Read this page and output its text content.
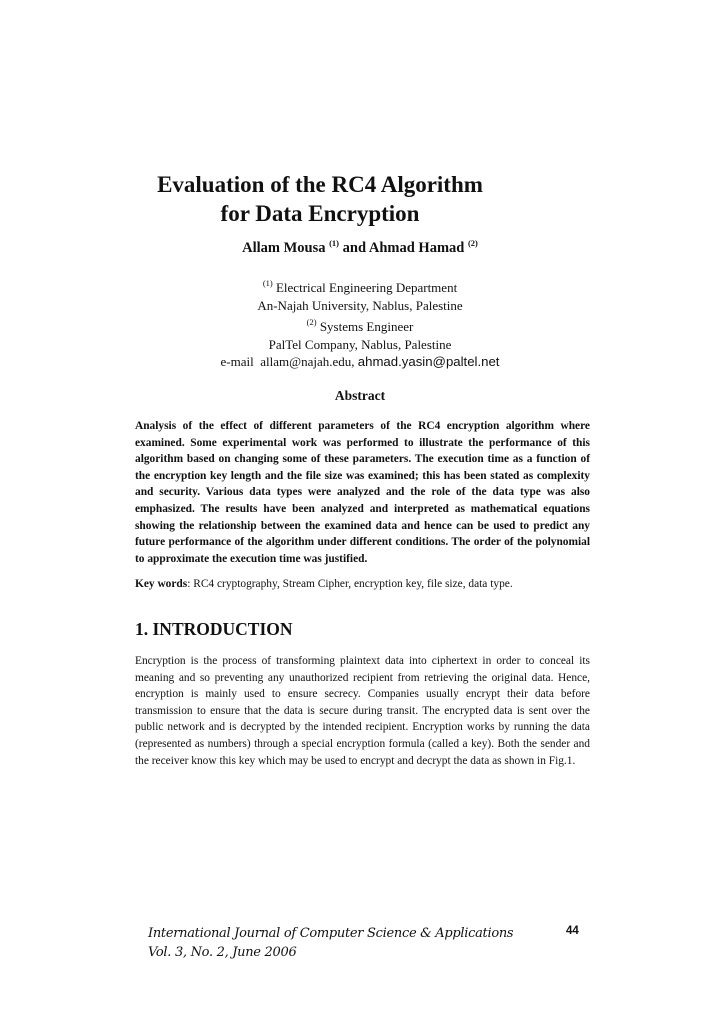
Evaluation of the RC4 Algorithm
for Data Encryption
Allam Mousa $^{(1)}$ and Ahmad Hamad $^{(2)}$
$^{(1)}$ Electrical Engineering Department
An-Najah University, Nablus, Palestine
$^{(2)}$ Systems Engineer
PalTel Company, Nablus, Palestine
e-mail allam@najah.edu, ahmad.yasin@paltel.net
Abstract
Analysis of the effect of different parameters of the RC4 encryption algorithm where examined. Some experimental work was performed to illustrate the performance of this algorithm based on changing some of these parameters. The execution time as a function of the encryption key length and the file size was examined; this has been stated as complexity and security. Various data types were analyzed and the role of the data type was also emphasized. The results have been analyzed and interpreted as mathematical equations showing the relationship between the examined data and hence can be used to predict any future performance of the algorithm under different conditions. The order of the polynomial to approximate the execution time was justified.
Key words: RC4 cryptography, Stream Cipher, encryption key, file size, data type.
1. INTRODUCTION
Encryption is the process of transforming plaintext data into ciphertext in order to conceal its meaning and so preventing any unauthorized recipient from retrieving the original data. Hence, encryption is mainly used to ensure secrecy. Companies usually encrypt their data before transmission to ensure that the data is secure during transit. The encrypted data is sent over the public network and is decrypted by the intended recipient. Encryption works by running the data (represented as numbers) through a special encryption formula (called a key). Both the sender and the receiver know this key which may be used to encrypt and decrypt the data as shown in Fig.1.
International Journal of Computer Science & Applications
Vol. 3, No. 2, June 2006
44
